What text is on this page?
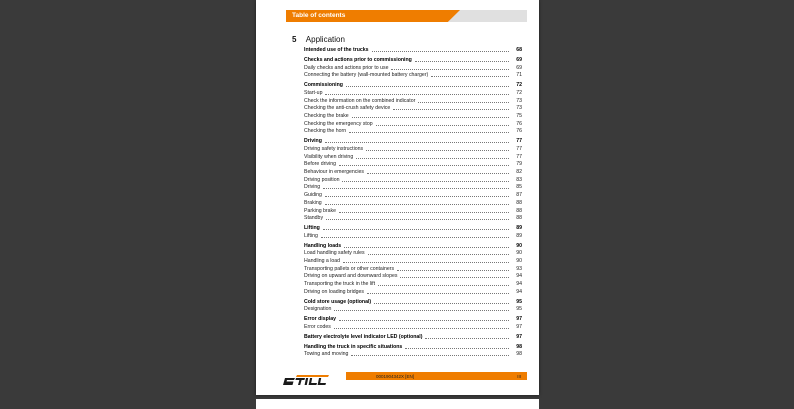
Table of contents
5 Application
Intended use of the trucks	68
Checks and actions prior to commissioning	69
Daily checks and actions prior to use	69
Connecting the battery (wall-mounted battery charger)	71
Commissioning	72
Start-up	72
Check the information on the combined indicator	73
Checking the anti-crush safety device	73
Checking the brake	75
Checking the emergency stop	76
Checking the horn	76
Driving	77
Driving safety instructions	77
Visibility when driving	77
Before driving	79
Behaviour in emergencies	82
Driving position	83
Driving	85
Guiding	87
Braking	88
Parking brake	88
Standby	88
Lifting	89
Lifting	89
Handling loads	90
Load handling safety rules	90
Handling a load	90
Transporting pallets or other containers	93
Driving on upward and downward slopes	94
Transporting the truck in the lift	94
Driving on loading bridges	94
Cold store usage (optional)	95
Designation	95
Error display	97
Error codes	97
Battery electrolyte level indicator LED (optional)	97
Handling the truck in specific situations	98
Towing and moving	98
0001904342X [EN]	III
